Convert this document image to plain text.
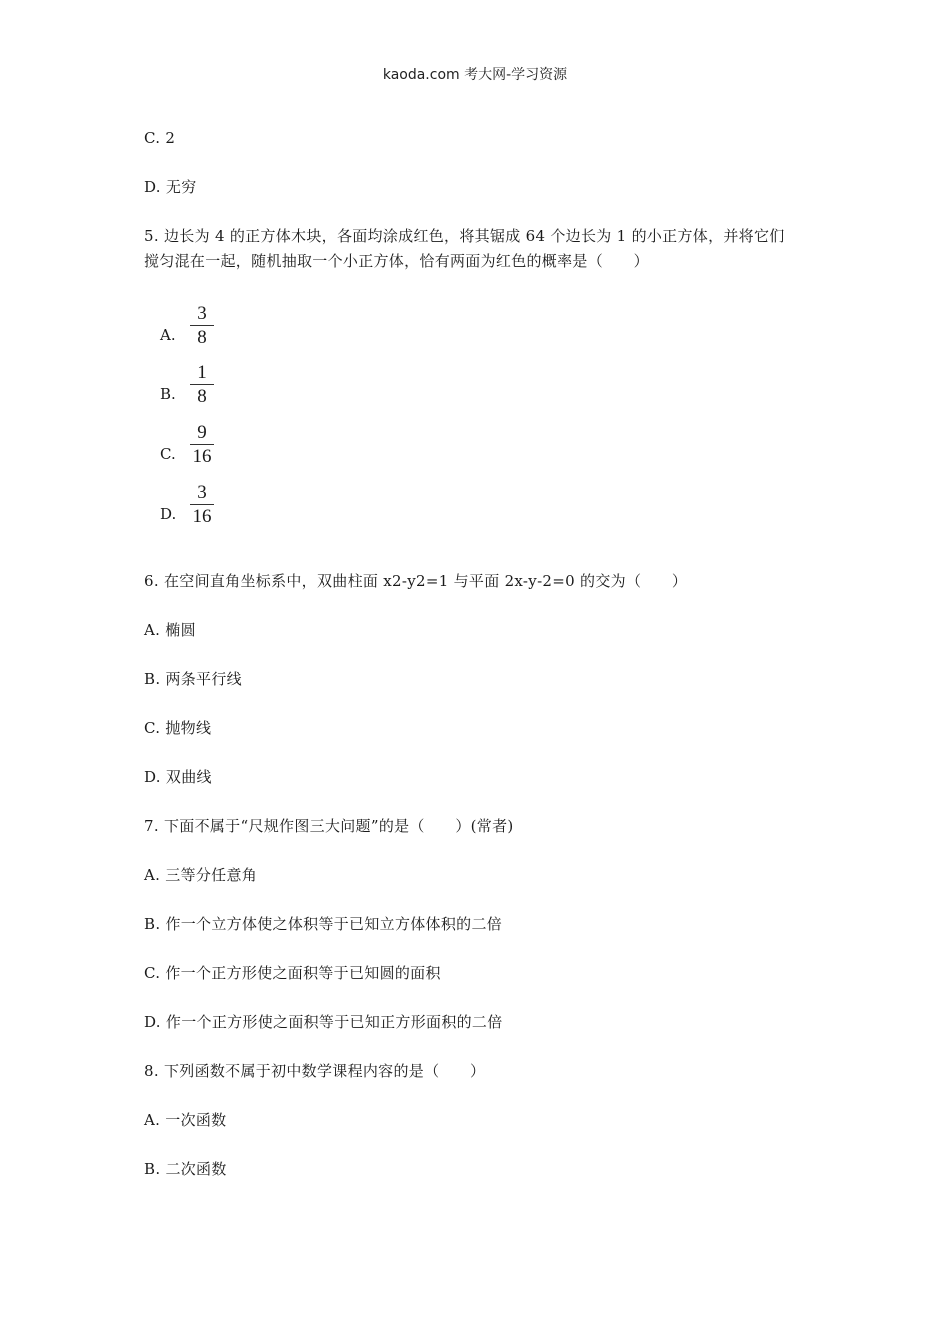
kaoda.com 考大网-学习资源
C. 2
D. 无穷
5. 边长为 4 的正方体木块，各面均涂成红色，将其锯成 64 个边长为 1 的小正方体，并将它们
搅匀混在一起，随机抽取一个小正方体，恰有两面为红色的概率是（　　）
A. $\frac{3}{8}$
B. $\frac{1}{8}$
C. $\frac{9}{16}$
D. $\frac{3}{16}$
6. 在空间直角坐标系中，双曲柱面 x2-y2=1 与平面 2x-y-2=0 的交为（　　）
A. 椭圆
B. 两条平行线
C. 抛物线
D. 双曲线
7. 下面不属于“尺规作图三大问题”的是（　　）(常者)
A. 三等分任意角
B. 作一个立方体使之体积等于已知立方体体积的二倍
C. 作一个正方形使之面积等于已知圆的面积
D. 作一个正方形使之面积等于已知正方形面积的二倍
8. 下列函数不属于初中数学课程内容的是（　　）
A. 一次函数
B. 二次函数
